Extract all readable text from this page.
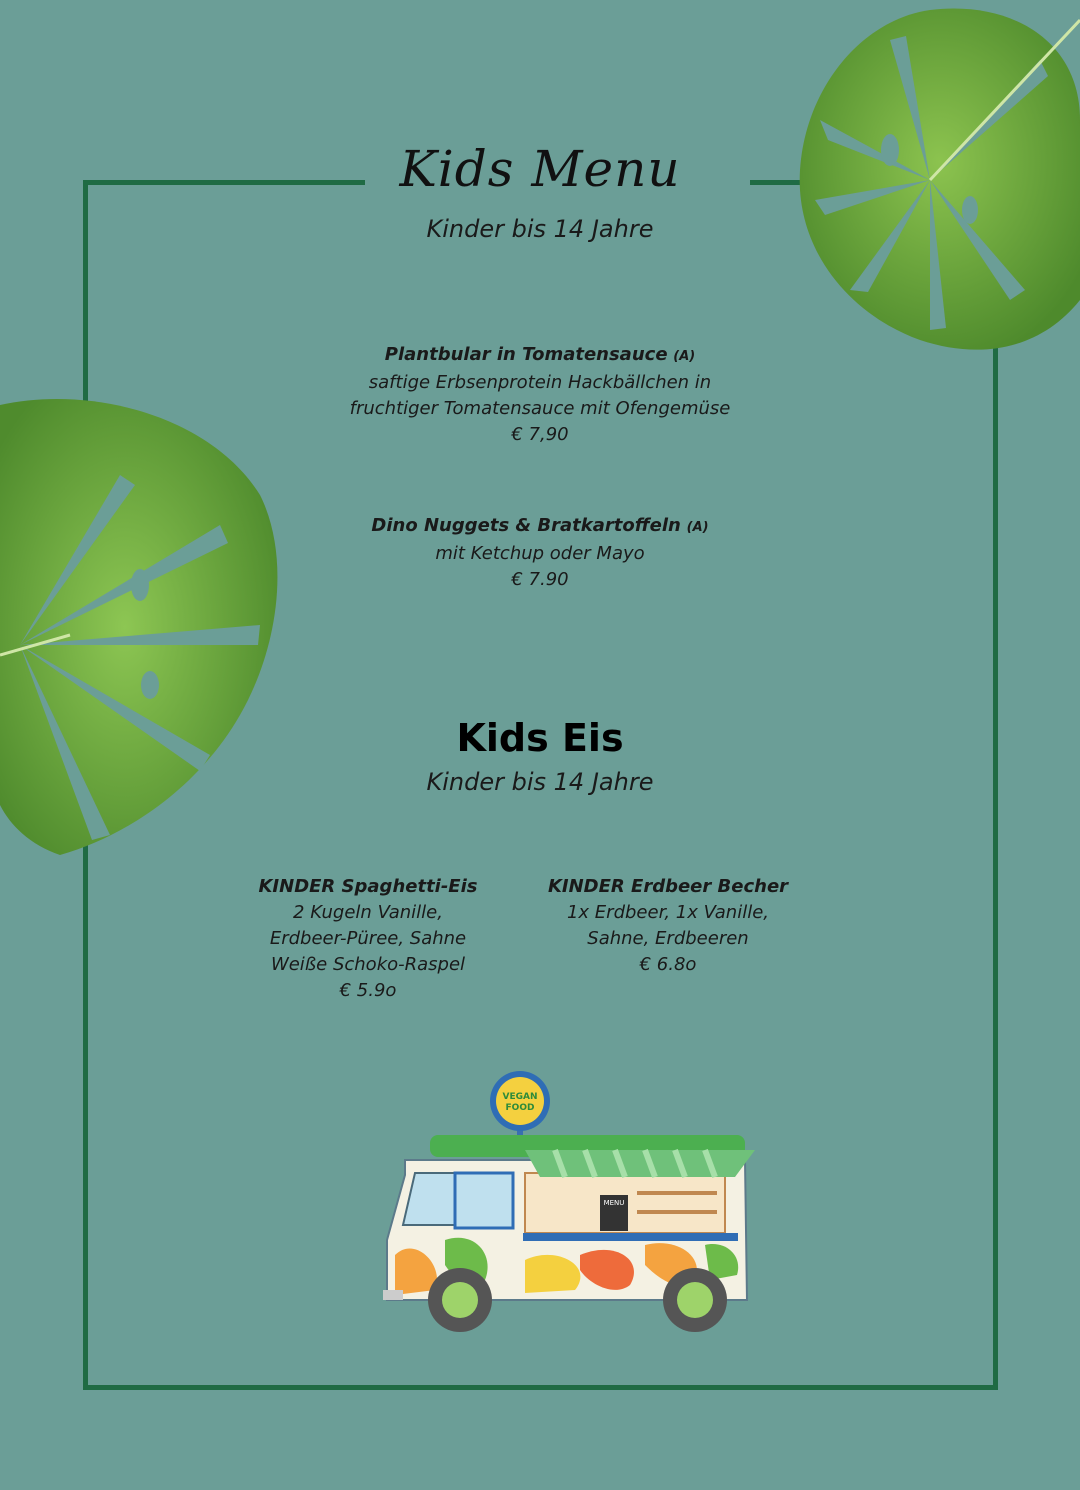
Kids Menu
Kinder bis 14 Jahre
Plantbular in Tomatensauce (A)
saftige Erbsenprotein Hackbällchen in
fruchtiger Tomatensauce mit Ofengemüse
€ 7,90
Dino Nuggets & Bratkartoffeln (A)
mit Ketchup oder Mayo
€ 7.90
Kids Eis
Kinder bis 14 Jahre
KINDER Spaghetti-Eis
2 Kugeln Vanille,
Erdbeer-Püree, Sahne
Weiße Schoko-Raspel
€ 5.9o
KINDER Erdbeer Becher
1x Erdbeer, 1x Vanille,
Sahne, Erdbeeren
€ 6.8o
VEGAN
FOOD
MENU
